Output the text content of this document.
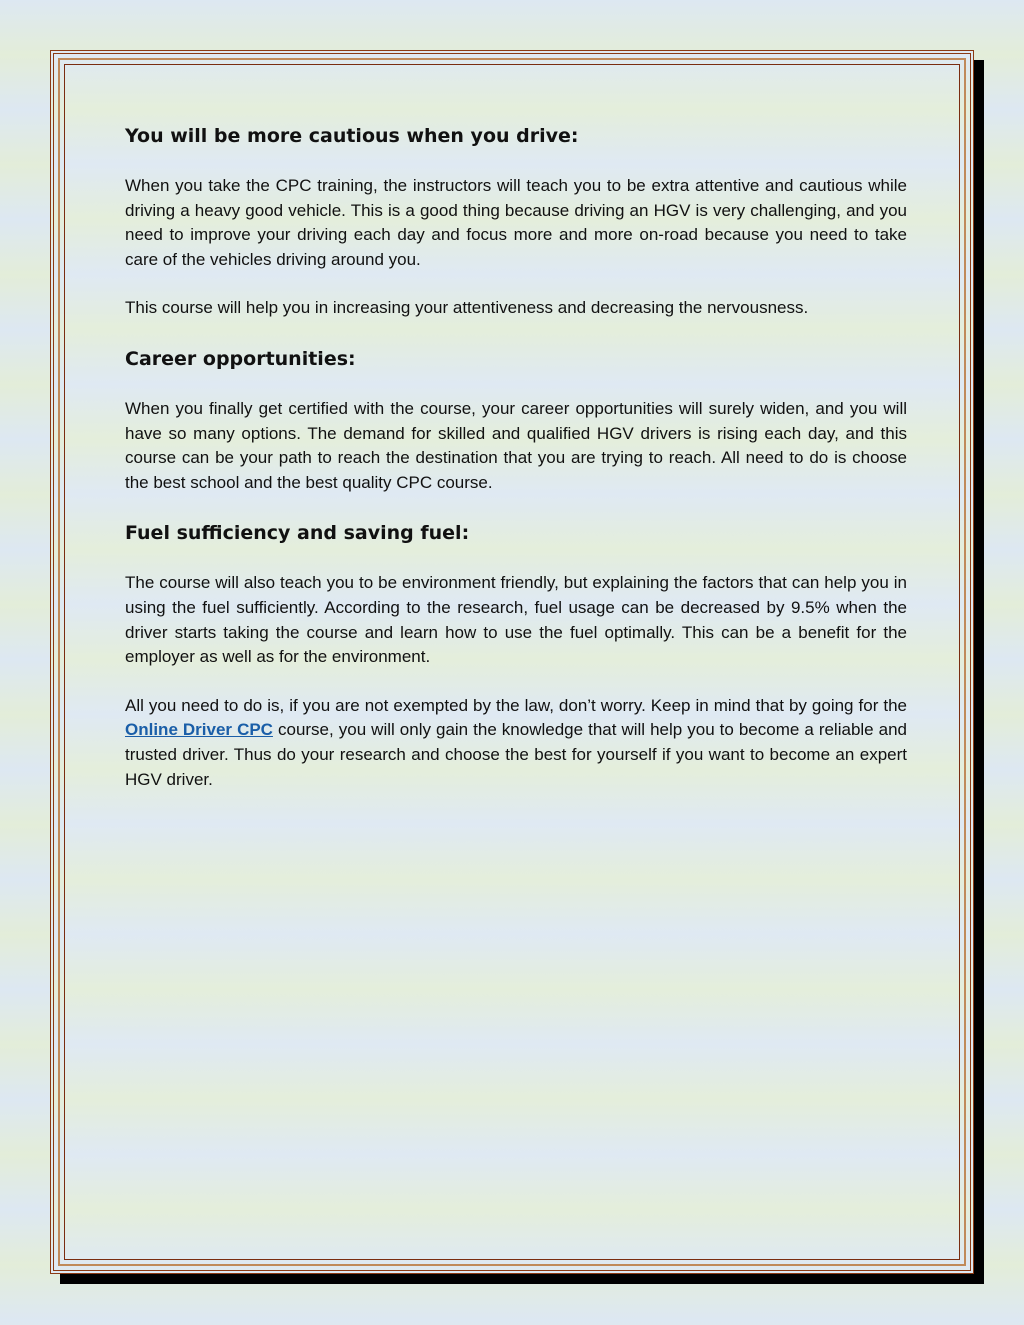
You will be more cautious when you drive:

When you take the CPC training, the instructors will teach you to be extra attentive and cautious while driving a heavy good vehicle. This is a good thing because driving an HGV is very challenging, and you need to improve your driving each day and focus more and more on-road because you need to take care of the vehicles driving around you.

This course will help you in increasing your attentiveness and decreasing the nervousness.

Career opportunities:

When you finally get certified with the course, your career opportunities will surely widen, and you will have so many options. The demand for skilled and qualified HGV drivers is rising each day, and this course can be your path to reach the destination that you are trying to reach. All need to do is choose the best school and the best quality CPC course.

Fuel sufficiency and saving fuel:

The course will also teach you to be environment friendly, but explaining the factors that can help you in using the fuel sufficiently. According to the research, fuel usage can be decreased by 9.5% when the driver starts taking the course and learn how to use the fuel optimally. This can be a benefit for the employer as well as for the environment.

All you need to do is, if you are not exempted by the law, don’t worry. Keep in mind that by going for the Online Driver CPC course, you will only gain the knowledge that will help you to become a reliable and trusted driver. Thus do your research and choose the best for yourself if you want to become an expert HGV driver.
